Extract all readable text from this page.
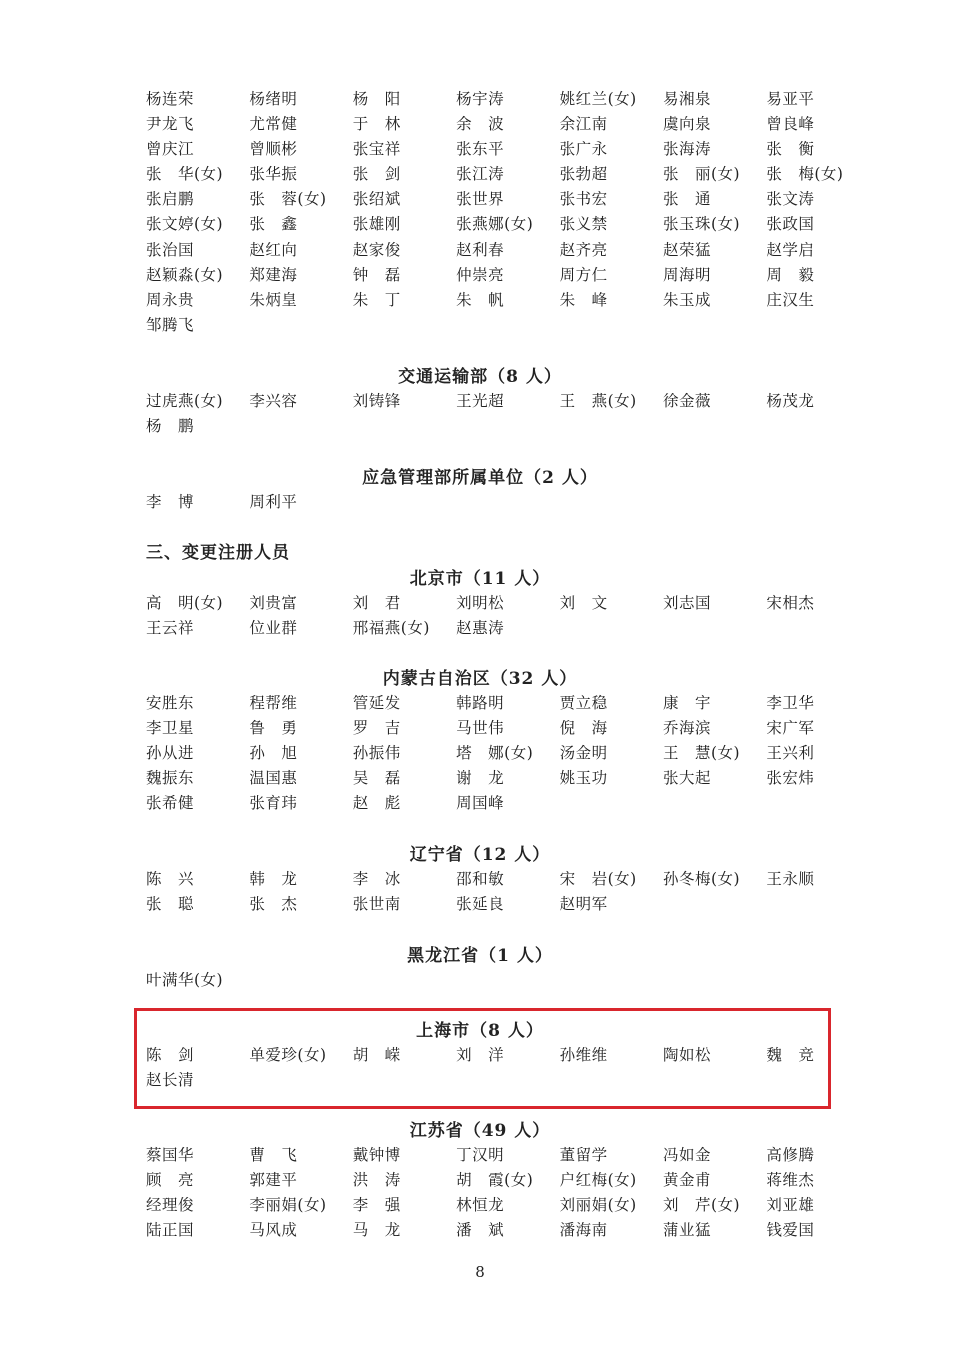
杨连荣	杨绪明	杨　阳	杨宇涛	姚红兰(女)	易湘泉	易亚平
尹龙飞	尤常健	于　林	余　波	余江南	虞向泉	曾良峰
曾庆江	曾顺彬	张宝祥	张东平	张广永	张海涛	张　衡
张　华(女)	张华振	张　剑	张江涛	张勃超	张　丽(女)	张　梅(女)
张启鹏	张　蓉(女)	张绍斌	张世界	张书宏	张　通	张文涛
张文婷(女)	张　鑫	张雄刚	张燕娜(女)	张义禁	张玉珠(女)	张政国
张治国	赵红向	赵家俊	赵利春	赵齐亮	赵荣猛	赵学启
赵颖淼(女)	郑建海	钟　磊	仲崇亮	周方仁	周海明	周　毅
周永贵	朱炳皇	朱　丁	朱　帆	朱　峰	朱玉成	庄汉生
邹腾飞
交通运输部（8 人）
过虎燕(女)	李兴容	刘铸锋	王光超	王　燕(女)	徐金薇	杨茂龙
杨　鹏
应急管理部所属单位（2 人）
李　博	周利平
三、变更注册人员
北京市（11 人）
高　明(女)	刘贵富	刘　君	刘明松	刘　文	刘志国	宋相杰
王云祥	位业群	邢福燕(女)	赵惠涛
内蒙古自治区（32 人）
安胜东	程帮维	管延发	韩路明	贾立稳	康　宇	李卫华
李卫星	鲁　勇	罗　吉	马世伟	倪　海	乔海滨	宋广军
孙从进	孙　旭	孙振伟	塔　娜(女)	汤金明	王　慧(女)	王兴利
魏振东	温国惠	吴　磊	谢　龙	姚玉功	张大起	张宏炜
张希健	张育玮	赵　彪	周国峰
辽宁省（12 人）
陈　兴	韩　龙	李　冰	邵和敏	宋　岩(女)	孙冬梅(女)	王永顺
张　聪	张　杰	张世南	张延良	赵明军
黑龙江省（1 人）
叶满华(女)
上海市（8 人）
陈　剑	单爱珍(女)	胡　嵘	刘　洋	孙维维	陶如松	魏　竞
赵长清
江苏省（49 人）
蔡国华	曹　飞	戴钟博	丁汉明	董留学	冯如金	高修腾
顾　亮	郭建平	洪　涛	胡　霞(女)	户红梅(女)	黄金甫	蒋维杰
经理俊	李丽娟(女)	李　强	林恒龙	刘丽娟(女)	刘　芹(女)	刘亚雄
陆正国	马风成	马　龙	潘　斌	潘海南	蒲业猛	钱爱国
8
